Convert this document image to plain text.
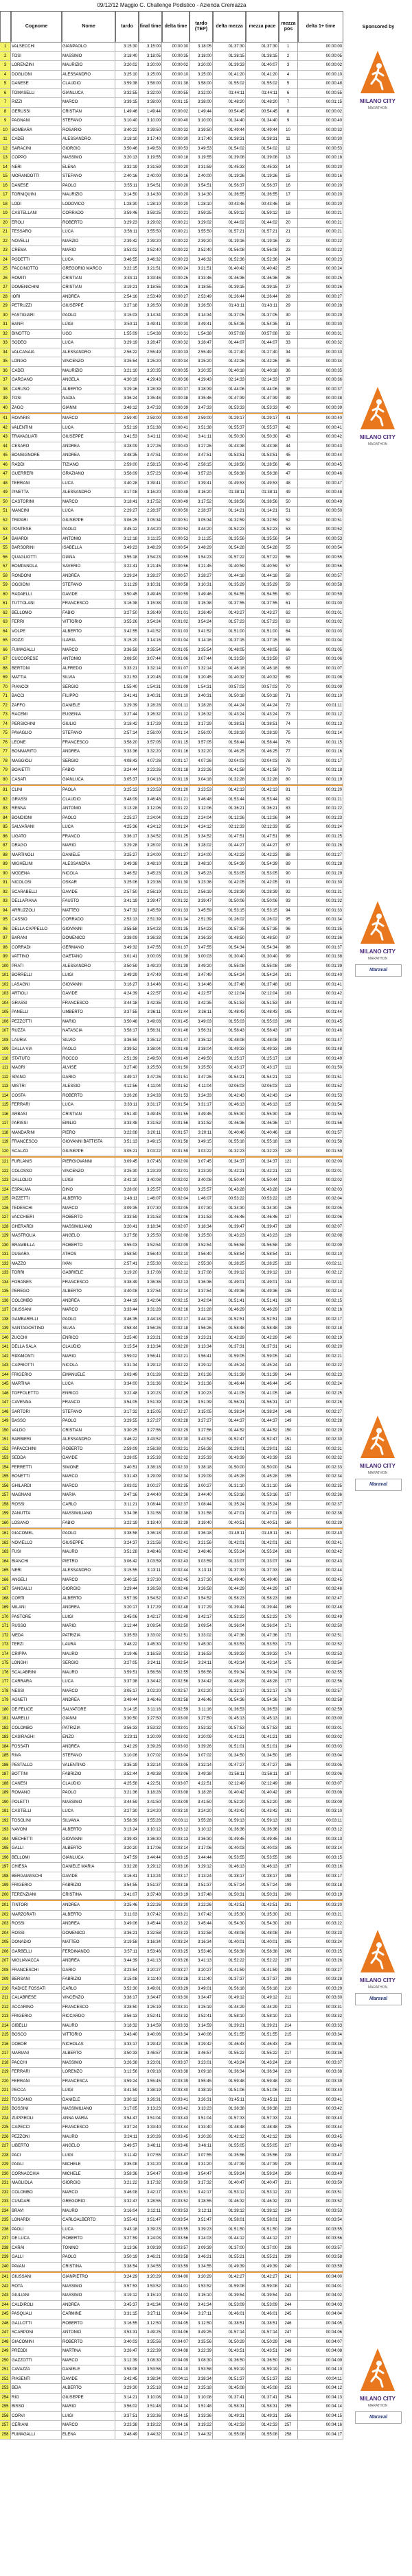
09/12/12 Maggio C. Challenge Podistico - Azienda Cremazza
Cognome	Nome	tardo	final time delta time
tardo (TEP)
delta mezza	mezza pace
mezza pos
delta 1+ time	Sponsored by
1	VALSECCHI	GIANPAOLO	3:15:30	3:15:00	00:00:30	3:18:05	01:37:30	01:37:30	1	00:00:00
2	TOSI	MASSIMO	3:18:40	3:18:05	00:00:35	3:18:00	01:38:15	01:38:15	2	00:00:05
3	LORENZINI	MAURIZIO	3:20:02	3:20:00	00:00:02	3:20:00	01:39:33	01:40:07	3	00:00:02
4	DOGLIONI	ALESSANDRO	3:25:10	3:25:00	00:00:10	3:25:00	01:41:20	01:41:20	4	00:00:10
5	DANESE	CLAUDIO	3:59:38	3:58:00	00:01:38	3:58:00	01:55:02	01:55:02	5	00:00:48
6	TOMASELLI	GIANLUCA	3:32:55	3:32:00	00:00:55	3:32:00	01:44:11	01:44:11	6	00:00:55
7	RIZZI	MARCO	3:39:15	3:38:00	00:01:15	3:38:00	01:48:20	01:48:20	7	00:01:15
8	GERUSSI	CRISTIAN	1:49:46	1:49:44	00:00:02	1:49:44	00:54:45	00:54:45	8	00:00:02
9	PAGNANI	STEFANO	3:10:40	3:10:00	00:00:40	3:10:00	01:34:40	01:34:40	9	00:00:40
10	BOMBARA	ROSARIO	3:40:22	3:39:50	00:00:32	3:39:50	01:49:44	01:49:44	10	00:00:32
11	CADEI	ALESSANDRO	3:18:10	3:17:40	00:00:30	3:17:40	01:38:31	01:38:31	11	00:00:30
12	SARACINI	GIORGIO	3:50:46	3:49:53	00:00:53	3:49:53	01:54:02	01:54:02	12	00:00:53
13	COPPO	MASSIMO	3:20:13	3:19:55	00:00:18	3:19:55	01:39:08	01:39:08	13	00:00:18
14	NERI	ELENA	3:32:19	3:31:59	00:00:20	3:31:59	01:45:33	01:45:33	14	00:00:20
15	MORANDOTTI	STEFANO	2:40:16	2:40:00	00:00:16	2:40:00	01:19:26	01:19:26	15	00:00:16
16	DANESE	PAOLO	3:55:11	3:54:51	00:00:20	3:54:51	01:56:37	01:56:37	16	00:00:20
17	TORNIQUINI	MAURIZIO	3:14:50	3:14:30	00:00:20	3:14:30	01:36:55	01:36:55	17	00:00:20
18	LODI	LODOVICO	1:28:30	1:28:10	00:00:20	1:28:10	00:43:46	00:43:46	18	00:00:20
19	CASTELLANI	CORRADO	3:59:46	3:59:25	00:00:21	3:59:25	01:59:12	01:59:12	19	00:00:21
20	EROLI	ROBERTO	3:29:23	3:29:02	00:00:21	3:29:02	01:44:02	01:44:02	20	00:00:21
21	TESSARO	LUCA	3:56:11	3:55:50	00:00:21	3:55:50	01:57:21	01:57:21	21	00:00:21
22	NOVELLI	MARZIO	2:39:42	2:39:20	00:00:22	2:39:20	01:19:16	01:19:16	22	00:00:22
23	CREMA	MARIO	3:53:02	3:52:40	00:00:22	3:52:40	01:56:08	01:56:08	23	00:00:22
24	PODETTI	LUCA	3:46:55	3:46:32	00:00:23	3:46:32	01:52:36	01:52:36	24	00:00:23
25	FACCINOTTO	GREGORIO MARCO	3:22:15	3:21:51	00:00:24	3:21:51	01:40:42	01:40:42	25	00:00:24
26	ROMITI	CRISTIAN	3:34:11	3:33:46	00:00:25	3:33:46	01:46:36	01:46:36	26	00:00:25
27	DOMENICHINI	CRISTIAN	3:19:21	3:18:55	00:00:26	3:18:55	01:39:15	01:39:15	27	00:00:26
28	IORI	ANDREA	2:54:16	2:53:49	00:00:27	2:53:49	01:26:44	01:26:44	28	00:00:27
29	PETRUZZI	GIUSEPPE	3:27:18	3:26:50	00:00:28	3:26:50	01:43:11	01:43:11	29	00:00:28
30	FASTIGIARI	PAOLO	3:15:03	3:14:34	00:00:29	3:14:34	01:37:05	01:37:05	30	00:00:29
31	BANFI	LUIGI	3:50:11	3:49:41	00:00:30	3:49:41	01:54:35	01:54:35	31	00:00:30
32	BINOTTO	UGO	1:55:09	1:54:38	00:00:31	1:54:38	00:57:08	00:57:08	32	00:00:31
33	SODEO	LUCA	3:29:19	3:28:47	00:00:32	3:28:47	01:44:07	01:44:07	33	00:00:32
34	VALCANAIA	ALESSANDRO	2:56:22	2:55:49	00:00:33	2:55:49	01:27:40	01:27:40	34	00:00:33
35	LONGO	VINCENZO	3:25:54	3:25:20	00:00:34	3:25:20	01:42:26	01:42:26	35	00:00:34
36	CADEI	MAURIZIO	3:21:10	3:20:35	00:00:35	3:20:35	01:40:18	01:40:18	36	00:00:35
37	GARGANO	ANGELA	4:30:19	4:29:43	00:00:36	4:29:43	02:14:33	02:14:33	37	00:00:36
38	CARUSO	ALBERTO	3:29:16	3:28:39	00:00:37	3:28:39	01:44:06	01:44:06	38	00:00:37
39	TOSI	NADIA	3:36:24	3:35:46	00:00:38	3:35:46	01:47:39	01:47:39	39	00:00:38
40	ZAGO	GIANNI	3:48:12	3:47:33	00:00:39	3:47:33	01:53:33	01:53:33	40	00:00:39
41	ROVARIS	MARCO	2:59:40	2:59:00	00:00:40	2:59:00	01:29:17	01:29:17	41	00:00:40
42	VALENTINI	LUCA	3:52:19	3:51:38	00:00:41	3:51:38	01:55:37	01:55:37	42	00:00:41
43	TRAVAGLIATI	GIUSEPPE	3:41:53	3:41:11	00:00:42	3:41:11	01:50:30	01:50:30	43	00:00:42
44	CESARO	ANDREA	3:28:09	3:27:26	00:00:43	3:27:26	01:43:38	01:43:38	44	00:00:43
45	BONSIGNORE	ANDREA	3:48:35	3:47:51	00:00:44	3:47:51	01:53:51	01:53:51	45	00:00:44
46	RADDI	TIZIANO	2:59:00	2:58:15	00:00:45	2:58:15	01:28:56	01:28:56	46	00:00:45
47	GUERRERI	GRAZIANO	3:58:09	3:57:23	00:00:46	3:57:23	01:58:38	01:58:38	47	00:00:46
48	TERRANI	LUCA	3:40:28	3:39:41	00:00:47	3:39:41	01:49:53	01:49:53	48	00:00:47
49	PINETTA	ALESSANDRO	3:17:08	3:16:20	00:00:48	3:16:20	01:38:11	01:38:11	49	00:00:48
50	CASTORINI	MARCO	3:18:41	3:17:52	00:00:49	3:17:52	01:38:56	01:38:56	50	00:00:49
51	MANCINI	LUCA	2:29:27	2:28:37	00:00:50	2:28:37	01:14:21	01:14:21	51	00:00:50
52	TRIPARI	GIUSEPPE	3:06:25	3:05:34	00:00:51	3:05:34	01:32:59	01:32:59	52	00:00:51
53	PONTESE	PAOLO	3:45:12	3:44:20	00:00:52	3:44:20	01:52:23	01:52:23	53	00:00:52
54	BAIARDI	ANTONIO	3:12:18	3:11:25	00:00:53	3:11:25	01:35:56	01:35:56	54	00:00:53
55	BARSORINI	ISABELLA	3:49:23	3:48:29	00:00:54	3:48:29	01:54:28	01:54:28	55	00:00:54
56	QUAGLIOTTI	DIANA	3:55:18	3:54:23	00:00:55	3:54:23	01:57:22	01:57:22	56	00:00:55
57	BOMPANOLA	SAVERIO	3:22:41	3:21:45	00:00:56	3:21:45	01:40:59	01:40:59	57	00:00:56
58	RONDONI	ANDREA	3:29:24	3:28:27	00:00:57	3:28:27	01:44:18	01:44:18	58	00:00:57
59	OGGIONI	STEFANO	3:11:29	3:10:31	00:00:58	3:10:31	01:35:29	01:35:29	59	00:00:58
60	RADAELLI	DAVIDE	3:50:45	3:49:46	00:00:59	3:49:46	01:54:55	01:54:55	60	00:00:59
61	TUTTOLANI	FRANCESCO	3:16:38	3:15:38	00:01:00	3:15:38	01:37:55	01:37:55	61	00:01:00
62	BELLOMO	FABIO	3:27:50	3:26:49	00:01:01	3:26:49	01:43:27	01:43:27	62	00:01:01
63	FERRI	VITTORIO	3:55:26	3:54:24	00:01:02	3:54:24	01:57:23	01:57:23	63	00:01:02
64	VOLPE	ALBERTO	3:42:55	3:41:52	00:01:03	3:41:52	01:51:00	01:51:00	64	00:01:03
65	POZZI	ILARIA	3:15:20	3:14:16	00:01:04	3:14:16	01:37:15	01:37:15	65	00:01:04
66	FUMAGALLI	MARCO	3:36:59	3:35:54	00:01:05	3:35:54	01:48:05	01:48:05	66	00:01:05
67	CUCCORESE	ANTONIO	3:08:50	3:07:44	00:01:06	3:07:44	01:33:59	01:33:59	67	00:01:06
68	BERTONI	ALFREDO	3:33:21	3:32:14	00:01:07	3:32:14	01:46:18	01:46:18	68	00:01:07
69	MATTIA	SILVIA	3:21:53	3:20:45	00:01:08	3:20:45	01:40:32	01:40:32	69	00:01:08
70	PIANCOI	SERGIO	1:55:40	1:54:31	00:01:09	1:54:31	00:57:03	00:57:03	70	00:01:09
71	BACCI	FILIPPO	3:41:41	3:40:31	00:01:10	3:40:31	01:50:18	01:50:18	71	00:01:10
72	ZAFFO	DANIELE	3:29:39	3:28:28	00:01:11	3:28:28	01:44:24	01:44:24	72	00:01:11
73	RACEMI	EUGENIA	3:27:44	3:26:32	00:01:12	3:26:32	01:43:24	01:43:24	73	00:01:12
74	PERSICHINI	GIULIO	3:18:42	3:17:29	00:01:13	3:17:29	01:38:51	01:38:51	74	00:01:13
75	PAVAGLIO	STEFANO	2:57:14	2:56:00	00:01:14	2:56:00	01:28:19	01:28:19	75	00:01:14
76	LEONE	FRANCESCO	3:58:20	3:57:05	00:01:15	3:57:05	01:58:44	01:58:44	76	00:01:15
77	BONMARITO	ANDREA	3:33:36	3:32:20	00:01:16	3:32:20	01:46:25	01:46:25	77	00:01:16
78	MAGGIOLI	SERGIO	4:08:43	4:07:26	00:01:17	4:07:26	02:04:03	02:04:03	78	00:01:17
79	BOAIETTI	FABIO	3:24:44	3:23:26	00:01:18	3:23:26	01:41:58	01:41:58	79	00:01:18
80	CASATI	GIANLUCA	3:05:37	3:04:18	00:01:19	3:04:18	01:32:28	01:32:28	80	00:01:19
81	CLINI	PAOLA	3:25:13	3:23:53	00:01:20	3:23:53	01:42:13	01:42:13	81	00:01:20
82	GRASSI	CLAUDIO	3:48:09	3:46:48	00:01:21	3:46:48	01:53:44	01:53:44	82	00:01:21
83	RENNA	ANTONIO	3:13:28	3:12:06	00:01:22	3:12:06	01:36:21	01:36:21	83	00:01:22
84	BONDIONI	PAOLO	2:25:27	2:24:04	00:01:23	2:24:04	01:12:26	01:12:26	84	00:01:23
85	SALVARANI	LUCA	4:25:36	4:24:12	00:01:24	4:24:12	02:12:33	02:12:33	85	00:01:24
86	LIGATO	FRANCO	3:36:17	3:34:52	00:01:25	3:34:52	01:47:51	01:47:51	86	00:01:25
87	DRAGO	MARIO	3:29:28	3:28:02	00:01:26	3:28:02	01:44:27	01:44:27	87	00:01:26
88	MARTINOLI	DANIELE	3:25:27	3:24:00	00:01:27	3:24:00	01:42:23	01:42:23	88	00:01:27
89	MIGHELINI	ALESSANDRA	3:49:38	3:48:10	00:01:28	3:48:10	01:54:39	01:54:39	89	00:01:28
90	MODENA	NICOLA	3:46:52	3:45:23	00:01:29	3:45:23	01:53:05	01:53:05	90	00:01:29
91	NICOLOSI	OSKAR	3:25:06	3:23:36	00:01:30	3:23:36	01:42:05	01:42:05	91	00:01:30
92	SCARABELLI	DAVIDE	2:57:50	2:56:19	00:01:31	2:56:19	01:28:39	01:28:39	92	00:01:31
93	DELLAPIANA	FAUSTO	3:41:19	3:39:47	00:01:32	3:39:47	01:50:06	01:50:06	93	00:01:32
94	ARRUZZOLI	MATTEO	3:47:32	3:45:59	00:01:33	3:45:59	01:53:15	01:53:15	94	00:01:33
95	CASSIO	CORRADO	2:53:13	2:51:39	00:01:34	2:51:39	01:26:02	01:26:02	95	00:01:34
96	DELLA CAPPELLO	GIOVANNI	3:55:58	3:54:23	00:01:35	3:54:23	01:57:35	01:57:35	96	00:01:35
97	BARANI	DOMENICO	3:38:09	3:36:33	00:01:36	3:36:33	01:48:50	01:48:50	97	00:01:36
98	CORRADI	GERMANO	3:49:32	3:47:55	00:01:37	3:47:55	01:54:34	01:54:34	98	00:01:37
99	VATTINO	GAETANO	3:01:41	3:00:03	00:01:38	3:00:03	01:30:40	01:30:40	99	00:01:38
100 PRATI	ALESSANDRO	3:50:59	3:49:20	00:01:39	3:49:20	01:55:08	01:55:08	100	00:01:39
101 BORRELLI	LUIGI	3:49:29	3:47:49	00:01:40	3:47:49	01:54:24	01:54:24	101	00:01:40
102 LASAGNI	GIOVANNI	3:16:27	3:14:46	00:01:41	3:14:46	01:37:48	01:37:48	102	00:01:41
103 ARTIOLI	DAVIDE	4:24:39	4:22:57	00:01:42	4:22:57	02:12:04	02:12:04	103	00:01:42
104 GRASSI	FRANCESCO	3:44:18	3:42:35	00:01:43	3:42:35	01:51:53	01:51:53	104	00:01:43
105 PANELLI	UMBERTO	3:37:55	3:36:11	00:01:44	3:36:11	01:48:43	01:48:43	105	00:01:44
106 PEZZOTTI	MARIO	3:50:48	3:49:03	00:01:45	3:49:03	01:55:03	01:55:03	106	00:01:45
107 RUZZA	NATASCIA	3:58:17	3:56:31	00:01:46	3:56:31	01:58:43	01:58:43	107	00:01:46
108 LAURIA	SILVIO	3:36:59	3:35:12	00:01:47	3:35:12	01:48:08	01:48:08	108	00:01:47
109 DALLA VIA	PAOLO	3:39:52	3:38:04	00:01:48	3:38:04	01:49:33	01:49:33	109	00:01:48
110 STATUTO	ROCCO	2:51:39	2:49:50	00:01:49	2:49:50	01:25:17	01:25:17	110	00:01:49
111 MAGRI	ALVISE	3:27:40	3:25:50	00:01:50	3:25:50	01:43:17	01:43:17	111	00:01:50
112 SPANO	DARIO	3:49:17	3:47:26	00:01:51	3:47:26	01:54:21	01:54:21	112	00:01:51
113 MISTRI	ALESSIO	4:12:56	4:11:04	00:01:52	4:11:04	02:06:03	02:06:03	113	00:01:52
114 COSTA	ROBERTO	3:26:26	3:24:33	00:01:53	3:24:33	01:42:43	01:42:43	114	00:01:53
115 FERRARI	LUCA	3:33:11	3:31:17	00:01:54	3:31:17	01:46:13	01:46:13	115	00:01:54
116 ARBASI	CRISTIAN	3:51:40	3:49:45	00:01:55	3:49:45	01:55:30	01:55:30	116	00:01:55
117 PARISSI	EMILIO	3:33:48	3:31:52	00:01:56	3:31:52	01:46:36	01:46:36	117	00:01:56
118 MANDARINI	PIERO	3:22:08	3:20:11	00:01:57	3:20:11	01:40:46	01:40:46	118	00:01:57
119 FRANCESCO	GIOVANNI BATTISTA	3:51:13	3:49:15	00:01:58	3:49:15	01:55:18	01:55:18	119	00:01:58
120 SCALZO	GIUSEPPE	3:05:21	3:03:22	00:01:59	3:03:22	01:32:23	01:32:23	120	00:01:59
121 FURLANIS	PIERGIOVANNI	3:09:45	3:07:45	00:02:00	3:07:45	01:34:37	01:34:37	121	00:02:00
122 COLOSSO	VINCENZO	3:25:30	3:23:29	00:02:01	3:23:29	01:42:21	01:42:21	122	00:02:01
123 DALLOLIO	LUIGI	3:42:10	3:40:08	00:02:02	3:40:08	01:50:44	01:50:44	123	00:02:02
124 ESPALMA	DINO	3:28:00	3:25:57	00:02:03	3:25:57	01:43:28	01:43:28	124	00:02:03
125 PIZZETTI	ALBERTO	1:48:11	1:46:07	00:02:04	1:46:07	00:53:22	00:53:22	125	00:02:04
126 TEDESCHI	MARCO	3:09:35	3:07:30	00:02:05	3:07:30	01:34:30	01:34:30	126	00:02:05
127 VACCHIERI	ROBERTO	3:33:59	3:31:53	00:02:06	3:31:53	01:46:46	01:46:46	127	00:02:06
128 GHERARDI	MASSIMILIANO	3:20:41	3:18:34	00:02:07	3:18:34	01:39:47	01:39:47	128	00:02:07
129 MASTROLIA	ANGELO	3:27:58	3:25:50	00:02:08	3:25:50	01:43:23	01:43:23	129	00:02:08
130 BRAMBILLA	ROBERTO	3:55:03	3:52:54	00:02:09	3:52:54	01:56:58	01:56:58	130	00:02:09
131 DUGARA	ATHOS	3:58:50	3:56:40	00:02:10	3:56:40	01:58:54	01:58:54	131	00:02:10
132 MAZZO	IVAN	2:57:41	2:55:30	00:02:11	2:55:30	01:28:25	01:28:25	132	00:02:11
133 TORRI	GABRIELE	3:19:20	3:17:08	00:02:12	3:17:08	01:39:12	01:39:12	133	00:02:12
134 FORANES	FRANCESCO	3:38:49	3:36:36	00:02:13	3:36:36	01:49:01	01:49:01	134	00:02:13
135 PEREGO	ALBERTO	3:40:08	3:37:54	00:02:14	3:37:54	01:49:36	01:49:36	135	00:02:14
136 COLOMBO	ANDREA	3:44:19	3:42:04	00:02:15	3:42:04	01:51:41	01:51:41	136	00:02:15
137 GIUSSANI	MARCO	3:33:44	3:31:28	00:02:16	3:31:28	01:46:29	01:46:29	137	00:02:16
138 GAMBARELLI	PAOLO	3:46:35	3:44:18	00:02:17	3:44:18	01:52:51	01:52:51	138	00:02:17
139 SANTAGOSTINO	SILVIA	3:58:44	3:56:26	00:02:18	3:56:26	01:58:48	01:58:48	139	00:02:18
140 ZUCCHI	ENRICO	3:25:40	3:23:21	00:02:19	3:23:21	01:42:29	01:42:29	140	00:02:19
141 DELLA SALA	CLAUDIO	3:15:54	3:13:34	00:02:20	3:13:34	01:37:31	01:37:31	141	00:02:20
142 RIPAMONTI	MARIO	3:59:02	3:56:41	00:02:21	3:56:41	01:59:05	01:59:05	142	00:02:21
143 CAPRIOTTI	NICOLA	3:31:34	3:29:12	00:02:22	3:29:12	01:45:24	01:45:24	143	00:02:22
144 FRIGERIO	EMANUELE	3:03:49	3:01:26	00:02:23	3:01:26	01:31:39	01:31:39	144	00:02:23
145 MARTINA	LUCA	3:34:00	3:31:36	00:02:24	3:31:36	01:46:44	01:46:44	145	00:02:24
146 TOFFOLETTO	ENRICO	3:22:48	3:20:23	00:02:25	3:20:23	01:41:05	01:41:05	146	00:02:25
147 CAVENNA	FRANCO	3:54:05	3:51:39	00:02:26	3:51:39	01:56:31	01:56:31	147	00:02:26
148 SARTORI	STEFANO	3:17:32	3:15:05	00:02:27	3:15:05	01:38:24	01:38:24	148	00:02:27
149 BASSO	PAOLO	3:29:55	3:27:27	00:02:28	3:27:27	01:44:37	01:44:37	149	00:02:28
150 VALDO	CRISTIAN	3:30:25	3:27:56	00:02:29	3:27:56	01:44:52	01:44:52	150	00:02:29
151 BARBIERI	ALESSANDRO	3:46:22	3:43:52	00:02:30	3:43:52	01:52:47	01:52:47	151	00:02:30
152 PAPACCHINI	ROBERTO	2:59:09	2:56:38	00:02:31	2:56:38	01:29:01	01:29:01	152	00:02:31
153 SEDDA	DAVIDE	3:28:05	3:25:33	00:02:32	3:25:33	01:43:39	01:43:39	153	00:02:32
154 FERRETTI	SIMONE	3:40:51	3:38:18	00:02:33	3:38:18	01:50:00	01:50:00	154	00:02:33
155 BONETTI	MARCO	3:31:43	3:29:09	00:02:34	3:29:09	01:45:28	01:45:28	155	00:02:34
156 GHILARDI	MARCO	3:03:02	3:00:27	00:02:35	3:00:27	01:31:10	01:31:10	156	00:02:35
157 MAGNANI	MARIA	3:47:16	3:44:40	00:02:36	3:44:40	01:53:16	01:53:16	157	00:02:36
158 ROSSI	CARLO	3:11:21	3:08:44	00:02:37	3:08:44	01:35:24	01:35:24	158	00:02:37
159 ZANUTTA	MASSIMILIANO	3:34:36	3:31:58	00:02:38	3:31:58	01:47:01	01:47:01	159	00:02:38
160 LOSANO	FABIO	3:22:19	3:19:40	00:02:39	3:19:40	01:40:51	01:40:51	160	00:02:39
161 GIACOMEL	PAOLO	3:38:58	3:36:18	00:02:40	3:36:18	01:49:11	01:49:11	161	00:02:40
162 NOVIELLO	GIUSEPPE	3:24:37	3:21:56	00:02:41	3:21:56	01:42:01	01:42:01	162	00:02:41
163 FUSI	MAURO	3:51:28	3:48:46	00:02:42	3:48:46	01:55:24	01:55:24	163	00:02:42
164 BIANCHI	PIETRO	3:06:42	3:03:59	00:02:43	3:03:59	01:33:07	01:33:07	164	00:02:43
165 NERI	ALESSANDRO	3:15:55	3:13:11	00:02:44	3:13:11	01:37:33	01:37:33	165	00:02:44
166 ANGELI	MARCO	3:40:15	3:37:30	00:02:45	3:37:30	01:49:40	01:49:40	166	00:02:45
167 SANGALLI	GIORGIO	3:29:44	3:26:58	00:02:46	3:26:58	01:44:29	01:44:29	167	00:02:46
168 CORTI	ALBERTO	3:57:39	3:54:52	00:02:47	3:54:52	01:58:23	01:58:23	168	00:02:47
169 MILANI	ANDREA	3:20:17	3:17:29	00:02:48	3:17:29	01:39:44	01:39:44	169	00:02:48
170 PASTORE	LUIGI	3:45:06	3:42:17	00:02:49	3:42:17	01:52:23	01:52:23	170	00:02:49
171 RUSSO	MARIO	3:12:44	3:09:54	00:02:50	3:09:54	01:36:04	01:36:04	171	00:02:50
172 MEDA	PATRIZIA	3:35:53	3:33:02	00:02:51	3:33:02	01:47:36	01:47:36	172	00:02:51
173 TERZI	LAURA	3:48:22	3:45:30	00:02:52	3:45:30	01:53:53	01:53:53	173	00:02:52
174 CRIPPA	MAURO	3:19:46	3:16:53	00:02:53	3:16:53	01:39:33	01:39:33	174	00:02:53
175 LONGHI	SERGIO	3:27:05	3:24:11	00:02:54	3:24:11	01:43:14	01:43:14	175	00:02:54
176 SCALABRINI	MAURO	3:59:51	3:56:56	00:02:55	3:56:56	01:59:34	01:59:34	176	00:02:55
177 CARRARA	LUCA	3:37:38	3:34:42	00:02:56	3:34:42	01:48:28	01:48:28	177	00:02:56
178 NESSI	MARCO	3:05:17	3:02:20	00:02:57	3:02:20	01:32:17	01:32:17	178	00:02:57
179 AGNETI	ANDREA	3:49:44	3:46:46	00:02:58	3:46:46	01:54:36	01:54:36	179	00:02:58
180 DE FELICE	SALVATORE	3:14:15	3:11:16	00:02:59	3:11:16	01:36:53	01:36:53	180	00:02:59
181 MARELLI	GIANNI	3:30:50	3:27:50	00:03:00	3:27:50	01:45:13	01:45:13	181	00:03:00
182 COLOMBO	PATRIZIA	3:56:33	3:53:32	00:03:01	3:53:32	01:57:53	01:57:53	182	00:03:01
183 CASIRAGHI	ENZO	3:23:11	3:20:09	00:03:02	3:20:09	01:41:21	01:41:21	183	00:03:02
184 FOSSATI	ANDREA	3:42:29	3:39:26	00:03:03	3:39:26	01:51:01	01:51:01	184	00:03:03
185 RIVA	STEFANO	3:10:06	3:07:02	00:03:04	3:07:02	01:34:50	01:34:50	185	00:03:04
186 PESTALLO	VALENTINO	3:35:19	3:32:14	00:03:05	3:32:14	01:47:27	01:47:27	186	00:03:05
187 BOTTINI	FABRIZIO	3:52:44	3:49:38	00:03:06	3:49:38	01:56:11	01:56:11	187	00:03:06
188 CANESI	CLAUDIO	4:25:58	4:22:51	00:03:07	4:22:51	02:12:49	02:12:49	188	00:03:07
189 ROMANO	PAOLO	3:21:36	3:18:28	00:03:08	3:18:28	01:40:42	01:40:42	189	00:03:08
190 POLETTI	MASSIMO	3:44:59	3:41:50	00:03:09	3:41:50	01:52:20	01:52:20	190	00:03:09
191 CASTELLI	LUCA	3:27:30	3:24:20	00:03:10	3:24:20	01:43:42	01:43:42	191	00:03:10
192 TOSOLINI	SILVANA	3:58:39	3:55:28	00:03:11	3:55:28	01:59:13	01:59:13	192	00:03:11
193 NAVONI	ALBERTO	3:13:24	3:10:12	00:03:12	3:10:12	01:36:36	01:36:36	193	00:03:12
194 MECHETTI	GIOVANNI	3:39:43	3:36:30	00:03:13	3:36:30	01:49:45	01:49:45	194	00:03:13
195 GALLI	ALBERTO	3:20:20	3:17:06	00:03:14	3:17:06	01:40:03	01:40:03	195	00:03:14
196 BELLOMI	GIANLUCA	3:47:59	3:44:44	00:03:15	3:44:44	01:53:55	01:53:55	196	00:03:15
197 CHIESA	DANIELE MARIA	3:32:28	3:29:12	00:03:16	3:29:12	01:46:13	01:46:13	197	00:03:16
198 BERGAMASCHI	DAVIDE	3:16:41	3:13:24	00:03:17	3:13:24	01:38:17	01:38:17	198	00:03:17
199 FRIGERIO	FABRIZIO	3:54:55	3:51:37	00:03:18	3:51:37	01:57:24	01:57:24	199	00:03:18
200 TERENZIANI	CRISTINA	3:41:07	3:37:48	00:03:19	3:37:48	01:50:31	01:50:31	200	00:03:19
201 TINTORI	ANDREA	3:25:46	3:22:26	00:03:20	3:22:26	01:42:51	01:42:51	201	00:03:20
202 MARZORATI	ALBERTO	3:11:03	3:07:42	00:03:21	3:07:42	01:35:30	01:35:30	202	00:03:21
203 ROSSI	ANDREA	3:49:06	3:45:44	00:03:22	3:45:44	01:54:30	01:54:30	203	00:03:22
204 ROSSI	DOMENICO	3:36:21	3:32:58	00:03:23	3:32:58	01:48:08	01:48:08	204	00:03:23
205 DONADIO	MATTEO	3:19:58	3:16:34	00:03:24	3:16:34	01:40:01	01:40:01	205	00:03:24
206 GARBELLI	FERDINANDO	3:57:11	3:53:46	00:03:25	3:53:46	01:58:38	01:58:38	206	00:03:25
207 MIGLIAVACCA	ANDREA	3:44:39	3:41:13	00:03:26	3:41:13	01:52:22	01:52:22	207	00:03:26
208 FRANCESCHI	DARIO	3:23:54	3:20:27	00:03:27	3:20:27	01:41:59	01:41:59	208	00:03:27
209 BERSANI	FABRIZIO	3:15:08	3:11:40	00:03:28	3:11:40	01:37:37	01:37:37	209	00:03:28
210 RADICE FOSSATI	CARLO	3:52:30	3:49:01	00:03:29	3:49:01	01:56:18	01:56:18	210	00:03:29
211 CALABRESE	VINCENZO	3:38:17	3:34:47	00:03:30	3:34:47	01:49:12	01:49:12	211	00:03:30
212 ACCARINO	FRANCESCO	3:28:50	3:25:19	00:03:31	3:25:19	01:44:29	01:44:29	212	00:03:31
213 FRIGERIO	RICCARDO	3:56:13	3:52:41	00:03:32	3:52:41	01:58:10	01:58:10	213	00:03:32
214 GIBELLI	MAURO	3:18:32	3:14:59	00:03:33	3:14:59	01:39:21	01:39:21	214	00:03:33
215 BOSCO	VITTORIO	3:43:40	3:40:06	00:03:34	3:40:06	01:51:55	01:51:55	215	00:03:34
216 DOBOR	NICHOLAS	3:33:17	3:29:42	00:03:35	3:29:42	01:46:43	01:46:43	216	00:03:35
217 MARIANI	ALBERTO	3:50:33	3:46:57	00:03:36	3:46:57	01:55:22	01:55:22	217	00:03:36
218 PACCHI	MASSIMO	3:26:38	3:23:01	00:03:37	3:23:01	01:43:24	01:43:24	218	00:03:37
219 FERRARI	LORENZO	3:12:56	3:09:18	00:03:38	3:09:18	01:36:34	01:36:34	219	00:03:38
220 FERRANI	FRANCESCA	3:59:24	3:55:45	00:03:39	3:55:45	01:59:48	01:59:48	220	00:03:39
221 PECCA	LUIGI	3:41:59	3:38:19	00:03:40	3:38:19	01:51:06	01:51:06	221	00:03:40
222 TOSCANO	DANIELE	3:30:12	3:26:31	00:03:41	3:26:31	01:45:11	01:45:11	222	00:03:41
223 BOSSINI	MASSIMILIANO	3:17:05	3:13:23	00:03:42	3:13:23	01:38:38	01:38:38	223	00:03:42
224 ZUPPIROLI	ANNA MARIA	3:54:47	3:51:04	00:03:43	3:51:04	01:57:33	01:57:33	224	00:03:43
225 CAPECCI	FRANCESCO	3:37:24	3:33:40	00:03:44	3:33:40	01:48:48	01:48:48	225	00:03:44
226 PEZZONI	MAURO	3:24:11	3:20:26	00:03:45	3:20:26	01:42:12	01:42:12	226	00:03:45
227 LIBERTO	ANGELO	3:49:57	3:46:11	00:03:46	3:46:11	01:55:05	01:55:05	227	00:03:46
228 PACI	LUIGI	3:11:42	3:07:55	00:03:47	3:07:55	01:35:56	01:35:56	228	00:03:47
229 PAGLI	MICHELE	3:35:08	3:31:20	00:03:48	3:31:20	01:47:39	01:47:39	229	00:03:48
230 CORNACCHIA	MICHELE	3:58:36	3:54:47	00:03:49	3:54:47	01:59:24	01:59:24	230	00:03:49
231 MAGLIOLA	GIORGIO	3:21:22	3:17:32	00:03:50	3:17:32	01:40:47	01:40:47	231	00:03:50
232 COLOMBO	MARCO	3:46:08	3:42:17	00:03:51	3:42:17	01:53:12	01:53:12	232	00:03:51
233 CUNDARI	GREGORIO	3:32:47	3:28:55	00:03:52	3:28:55	01:46:32	01:46:32	233	00:03:52
234 BRAVI	MAURO	3:16:04	3:12:11	00:03:53	3:12:11	01:38:12	01:38:12	234	00:03:53
235 LONARDI	CARLOALBERTO	3:55:41	3:51:47	00:03:54	3:51:47	01:58:01	01:58:01	235	00:03:54
236 PAOLI	LUCA	3:43:18	3:39:23	00:03:55	3:39:23	01:51:50	01:51:50	236	00:03:55
237 DE LUCA	ROBERTO	3:27:59	3:24:03	00:03:56	3:24:03	01:44:12	01:44:12	237	00:03:56
238 CARAI	TONINO	3:13:36	3:09:39	00:03:57	3:09:39	01:37:00	01:37:00	238	00:03:57
239 GALLI	PAOLO	3:50:19	3:46:21	00:03:58	3:46:21	01:55:21	01:55:21	239	00:03:58
240 PAVAN	CRISTINA	3:38:54	3:34:55	00:03:59	3:34:55	01:49:39	01:49:39	240	00:03:59
241 GIUSSANI	GIANPIETRO	3:24:29	3:20:29	00:04:00	3:20:29	01:42:27	01:42:27	241	00:04:00
242 ROTA	MASSIMO	3:57:53	3:53:52	00:04:01	3:53:52	01:59:08	01:59:08	242	00:04:01
243 GIULIANI	MASSIMO	3:19:12	3:15:10	00:04:02	3:15:10	01:39:54	01:39:54	243	00:04:02
244 CALDIROLI	ANDREA	3:45:37	3:41:34	00:04:03	3:41:34	01:53:09	01:53:09	244	00:04:03
245 PASQUALI	CARMINE	3:31:15	3:27:11	00:04:04	3:27:11	01:46:01	01:46:01	245	00:04:04
246 GALLOTTI	ROBERTO	3:16:55	3:12:50	00:04:05	3:12:50	01:38:51	01:38:51	246	00:04:05
247 SCARPONI	ANTONIO	3:53:31	3:49:25	00:04:06	3:49:25	01:57:14	01:57:14	247	00:04:06
248 GIACOMINI	ROBERTO	3:40:03	3:35:56	00:04:07	3:35:56	01:50:29	01:50:29	248	00:04:07
249 PREDDI	MARTINA	3:26:47	3:22:39	00:04:08	3:22:39	01:43:51	01:43:51	249	00:04:08
250 GAZZOTTI	MARCO	3:12:39	3:08:30	00:04:09	3:08:30	01:36:50	01:36:50	250	00:04:09
251 CAVAZZA	DANIELE	3:58:08	3:53:58	00:04:10	3:53:58	01:59:19	01:59:19	251	00:04:10
252 PIASENTI	DAVIDE	3:42:45	3:38:34	00:04:11	3:38:34	01:51:37	01:51:37	252	00:04:11
253 BEIA	ALBERTO	3:29:30	3:25:18	00:04:12	3:25:18	01:45:08	01:45:08	253	00:04:12
254 RIO	GIUSEPPE	3:14:21	3:10:08	00:04:13	3:10:08	01:37:41	01:37:41	254	00:04:13
255 BISSO	MARIO	3:56:02	3:51:48	00:04:14	3:51:48	01:58:31	01:58:31	255	00:04:14
256 CORVI	LUIGI	3:37:51	3:33:36	00:04:15	3:33:36	01:49:31	01:49:31	256	00:04:15
257 CERIANI	MARCO	3:23:38	3:19:22	00:04:16	3:19:22	01:42:33	01:42:33	257	00:04:16
258 FUMAGALLI	ELENA	3:48:49	3:44:32	00:04:17	3:44:32	01:55:08	01:55:08	258	00:04:17
MILANO CITY
MARATHON
MILANO CITY
MARATHON
MILANO CITY
MARATHON
Maraval
MILANO CITY
MARATHON
Maraval
MILANO CITY
MARATHON
Maraval
MILANO CITY
MARATHON
Maraval
